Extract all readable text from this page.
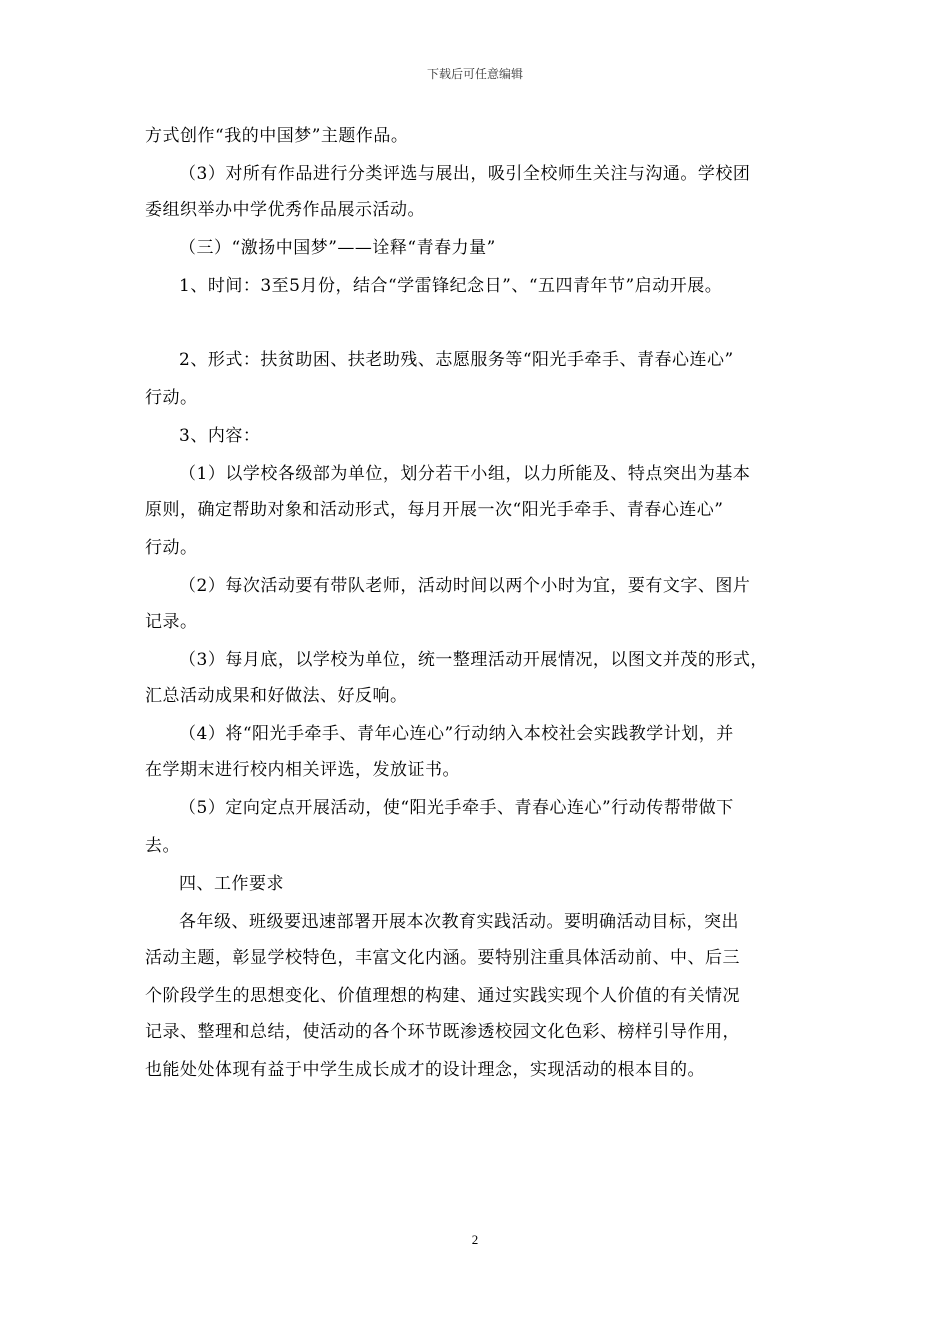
下载后可任意编辑
方式创作“我的中国梦”主题作品。
（3）对所有作品进行分类评选与展出，吸引全校师生关注与沟通。学校团
委组织举办中学优秀作品展示活动。
（三）“激扬中国梦”——诠释“青春力量”
1、时间：3至5月份，结合“学雷锋纪念日”、“五四青年节”启动开展。
2、形式：扶贫助困、扶老助残、志愿服务等“阳光手牵手、青春心连心”
行动。
3、内容：
（1）以学校各级部为单位，划分若干小组，以力所能及、特点突出为基本
原则，确定帮助对象和活动形式，每月开展一次“阳光手牵手、青春心连心”
行动。
（2）每次活动要有带队老师，活动时间以两个小时为宜，要有文字、图片
记录。
（3）每月底，以学校为单位，统一整理活动开展情况，以图文并茂的形式，
汇总活动成果和好做法、好反响。
（4）将“阳光手牵手、青年心连心”行动纳入本校社会实践教学计划，并
在学期末进行校内相关评选，发放证书。
（5）定向定点开展活动，使“阳光手牵手、青春心连心”行动传帮带做下
去。
四、工作要求
各年级、班级要迅速部署开展本次教育实践活动。要明确活动目标，突出
活动主题，彰显学校特色，丰富文化内涵。要特别注重具体活动前、中、后三
个阶段学生的思想变化、价值理想的构建、通过实践实现个人价值的有关情况
记录、整理和总结，使活动的各个环节既渗透校园文化色彩、榜样引导作用，
也能处处体现有益于中学生成长成才的设计理念，实现活动的根本目的。
2
